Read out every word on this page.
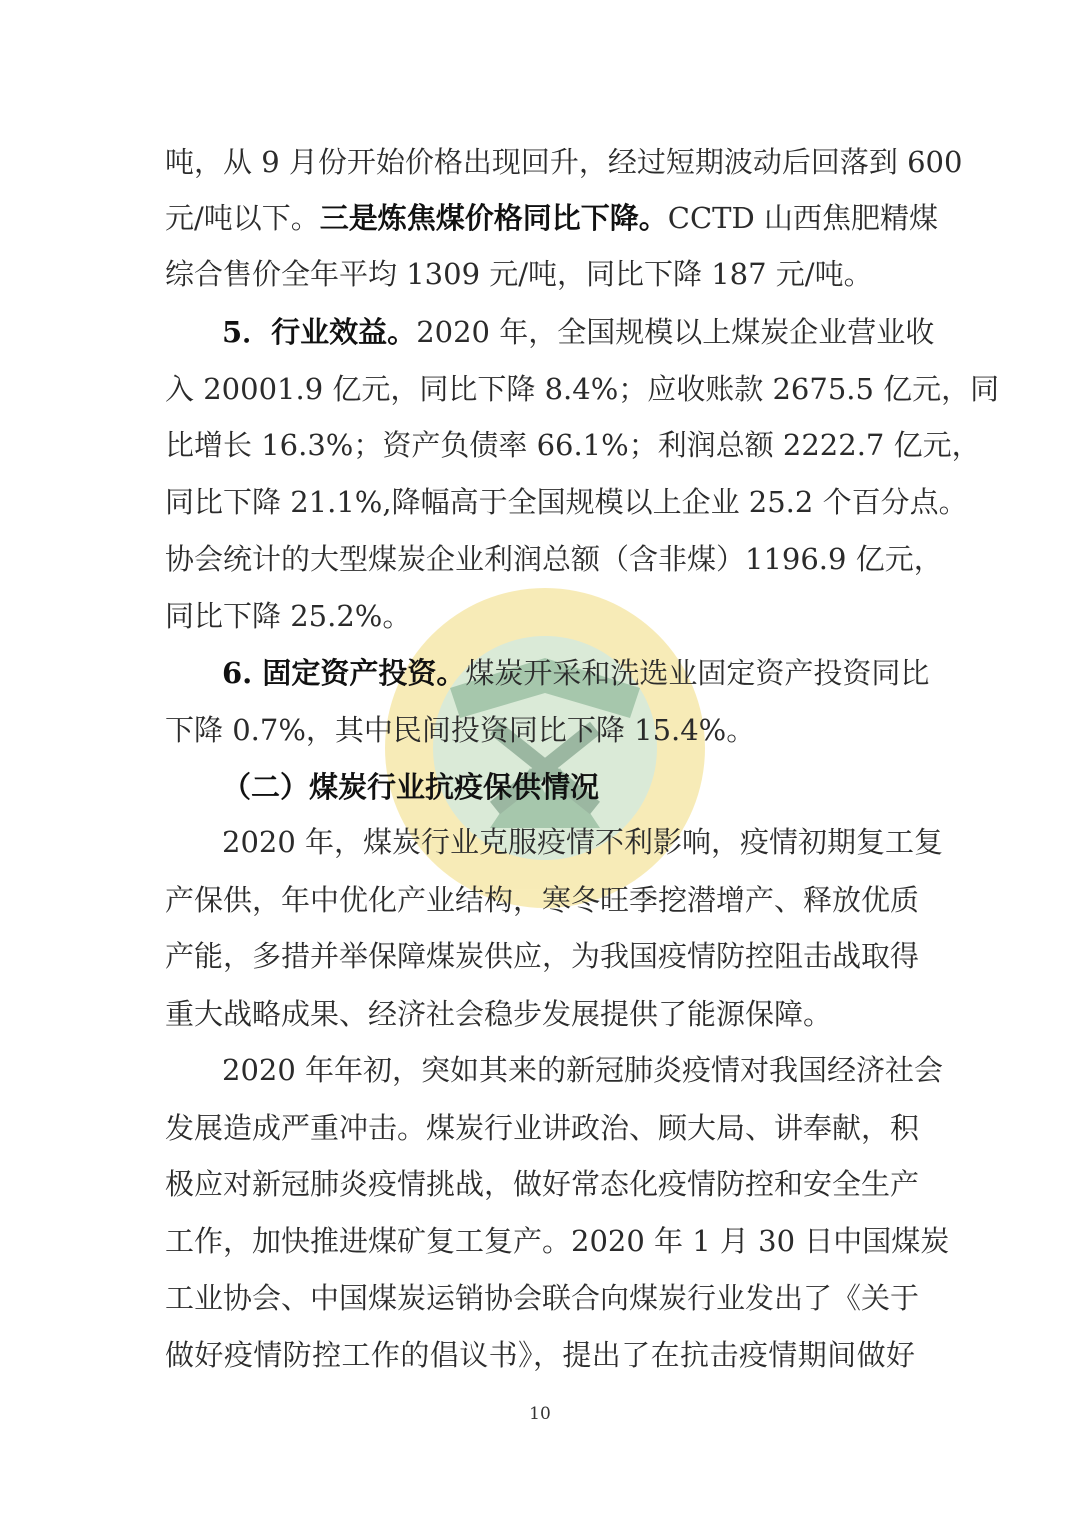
吨，从 9 月份开始价格出现回升，经过短期波动后回落到 600
元/吨以下。三是炼焦煤价格同比下降。CCTD 山西焦肥精煤
综合售价全年平均 1309 元/吨，同比下降 187 元/吨。
5．行业效益。2020 年，全国规模以上煤炭企业营业收
入 20001.9 亿元，同比下降 8.4%；应收账款 2675.5 亿元，同
比增长 16.3%；资产负债率 66.1%；利润总额 2222.7 亿元，
同比下降 21.1%,降幅高于全国规模以上企业 25.2 个百分点。
协会统计的大型煤炭企业利润总额（含非煤）1196.9 亿元，
同比下降 25.2%。
6. 固定资产投资。煤炭开采和洗选业固定资产投资同比
下降 0.7%，其中民间投资同比下降 15.4%。
（二）煤炭行业抗疫保供情况
2020 年，煤炭行业克服疫情不利影响，疫情初期复工复
产保供，年中优化产业结构，寒冬旺季挖潜增产、释放优质
产能，多措并举保障煤炭供应，为我国疫情防控阻击战取得
重大战略成果、经济社会稳步发展提供了能源保障。
2020 年年初，突如其来的新冠肺炎疫情对我国经济社会
发展造成严重冲击。煤炭行业讲政治、顾大局、讲奉献，积
极应对新冠肺炎疫情挑战，做好常态化疫情防控和安全生产
工作，加快推进煤矿复工复产。2020 年 1 月 30 日中国煤炭
工业协会、中国煤炭运销协会联合向煤炭行业发出了《关于
做好疫情防控工作的倡议书》，提出了在抗击疫情期间做好
10
